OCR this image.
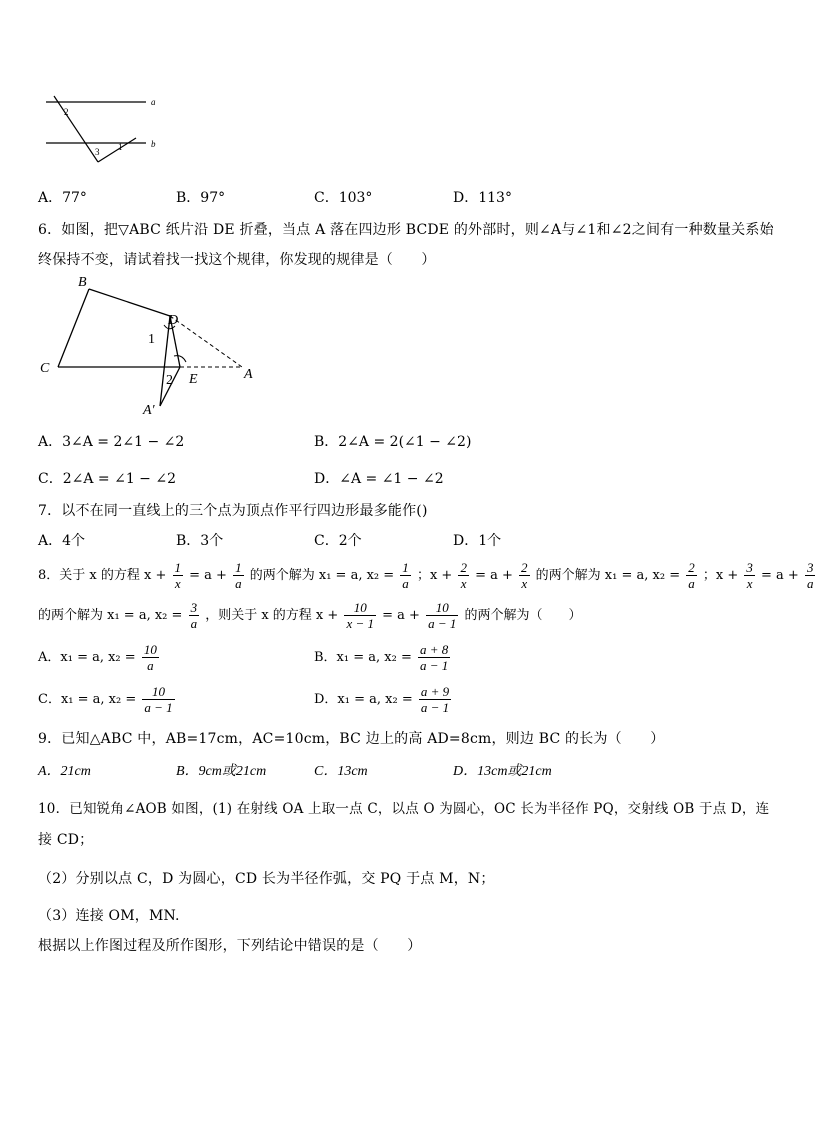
a
b
2
3 1
A．77°	B．97°	C．103°	D．113°
6．如图，把▽ABC 纸片沿 DE 折叠，当点 A 落在四边形 BCDE 的外部时，则∠A与∠1和∠2之间有一种数量关系始
终保持不变，请试着找一找这个规律，你发现的规律是（　　）
B
C
D
E	A
A′
1
2
A．3∠A = 2∠1 − ∠2	B．2∠A = 2(∠1 − ∠2)
C．2∠A = ∠1 − ∠2	D．∠A = ∠1 − ∠2
7．以不在同一直线上的三个点为顶点作平行四边形最多能作()
A．4个	B．3个	C．2个	D．1个
8．关于 x 的方程 $x + \frac{1}{x} = a + \frac{1}{a}$ 的两个解为 x₁ = a, $x_2 = \frac{1}{a}$ ；$x + \frac{2}{x} = a + \frac{2}{x}$ 的两个解为 x₁ = a, $x_2 = \frac{2}{a}$ ；$x + \frac{3}{x} = a + \frac{3}{a}$
的两个解为 x₁ = a, $x_2 = \frac{3}{a}$ ，则关于 x 的方程 $x + \frac{10}{x - 1} = a + \frac{10}{a - 1}$ 的两个解为（　　）
A．x₁ = a, $x_2 = \frac{10}{a}$	B．x₁ = a, $x_2 = \frac{a + 8}{a - 1}$
C．x₁ = a, $x_2 = \frac{10}{a - 1}$	D．x₁ = a, $x_2 = \frac{a + 9}{a - 1}$
9．已知△ABC 中，AB=17cm，AC=10cm，BC 边上的高 AD=8cm，则边 BC 的长为（　　）
A．21cm	B．9cm或21cm	C．13cm	D．13cm或21cm
10．已知锐角∠AOB 如图，(1) 在射线 OA 上取一点 C，以点 O 为圆心，OC 长为半径作 PQ，交射线 OB 于点 D，连
接 CD；
（2）分别以点 C，D 为圆心，CD 长为半径作弧，交 PQ 于点 M，N；
（3）连接 OM，MN.
根据以上作图过程及所作图形，下列结论中错误的是（　　）
